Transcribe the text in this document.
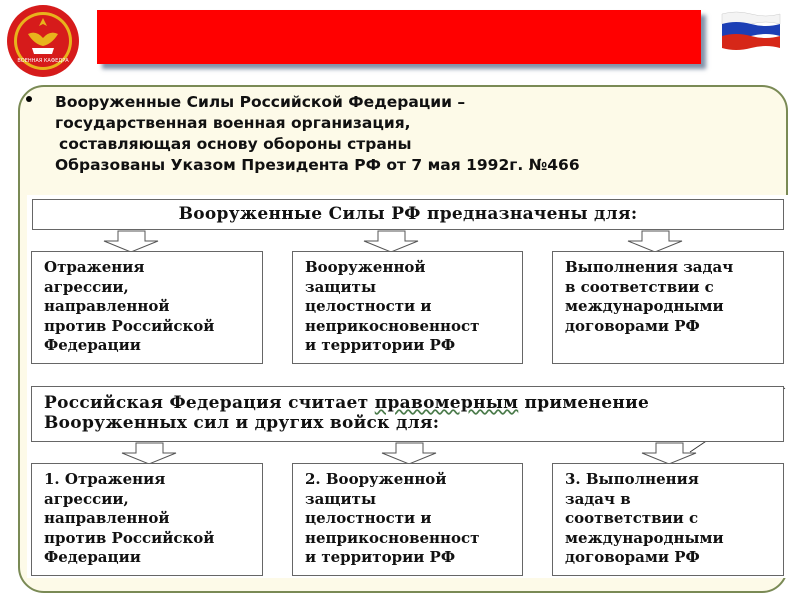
ВОЕННАЯ КАФЕДРА
Вооруженные Силы Российской Федерации –
государственная военная организация,
составляющая основу обороны страны
Образованы Указом Президента РФ от 7 мая 1992г. №466
Вооруженные Силы РФ предназначены для:
Отражения
агрессии,
направленной
против Российской
Федерации
Вооруженной
защиты
целостности и
неприкосновенност
и территории РФ
Выполнения задач
в соответствии с
международными
договорами РФ
Российская Федерация считает правомерным применение
Вооруженных сил и других войск для:
1. Отражения
агрессии,
направленной
против Российской
Федерации
2. Вооруженной
защиты
целостности и
неприкосновенност
и территории РФ
3. Выполнения
задач в
соответствии с
международными
договорами РФ
